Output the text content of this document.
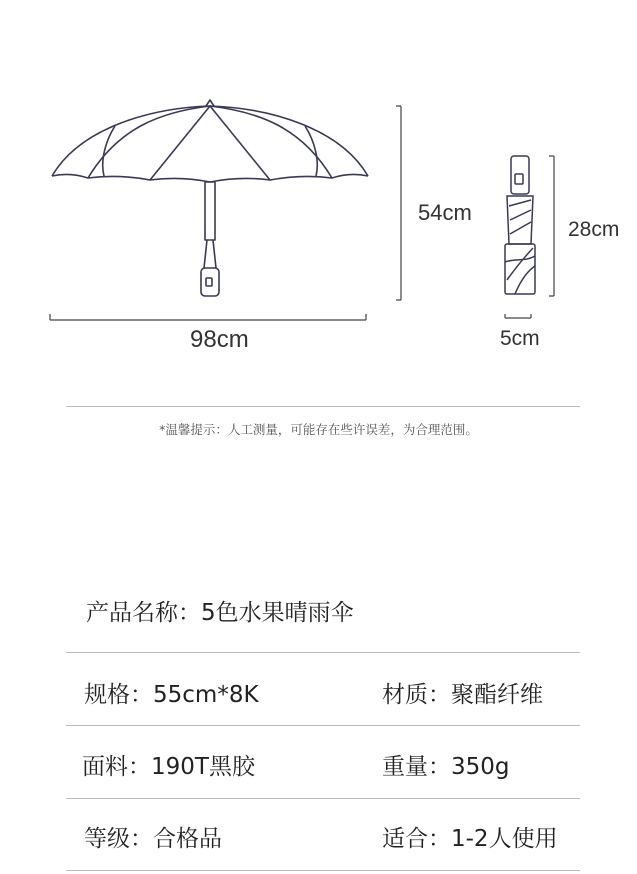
98cm
54cm
28cm
5cm
*温馨提示：人工测量，可能存在些许误差，为合理范围。
产品名称：5色水果晴雨伞
规格：55cm*8K	材质：聚酯纤维
面料：190T黑胶	重量：350g
等级：合格品	适合：1-2人使用
